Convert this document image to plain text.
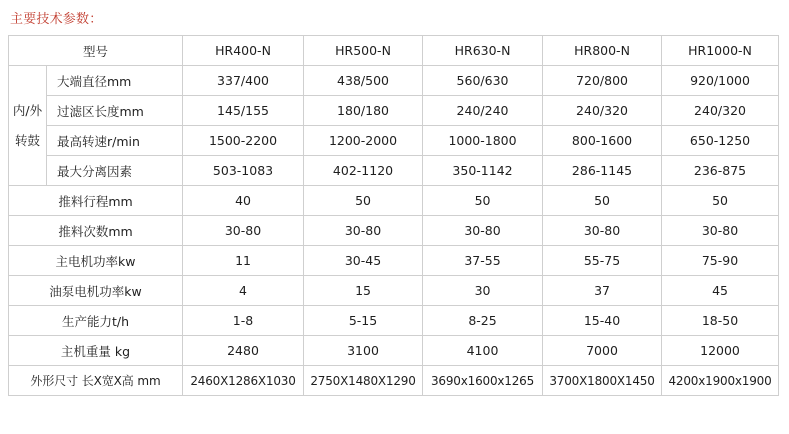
主要技术参数：
型号		HR400-N	HR500-N	HR630-N	HR800-N	HR1000-N
内/外
转鼓	大端直径mm	337/400	438/500	560/630	720/800	920/1000
	过滤区长度mm	145/155	180/180	240/240	240/320	240/320
	最高转速r/min	1500-2200	1200-2000	1000-1800	800-1600	650-1250
	最大分离因素	503-1083	402-1120	350-1142	286-1145	236-875
推料行程mm		40	50	50	50	50
推料次数mm		30-80	30-80	30-80	30-80	30-80
主电机功率kw		11	30-45	37-55	55-75	75-90
油泵电机功率kw		4	15	30	37	45
生产能力t/h		1-8	5-15	8-25	15-40	18-50
主机重量 kg		2480	3100	4100	7000	12000
外形尺寸 长X宽X高 mm		2460X1286X1030	2750X1480X1290	3690x1600x1265	3700X1800X1450	4200x1900x1900
